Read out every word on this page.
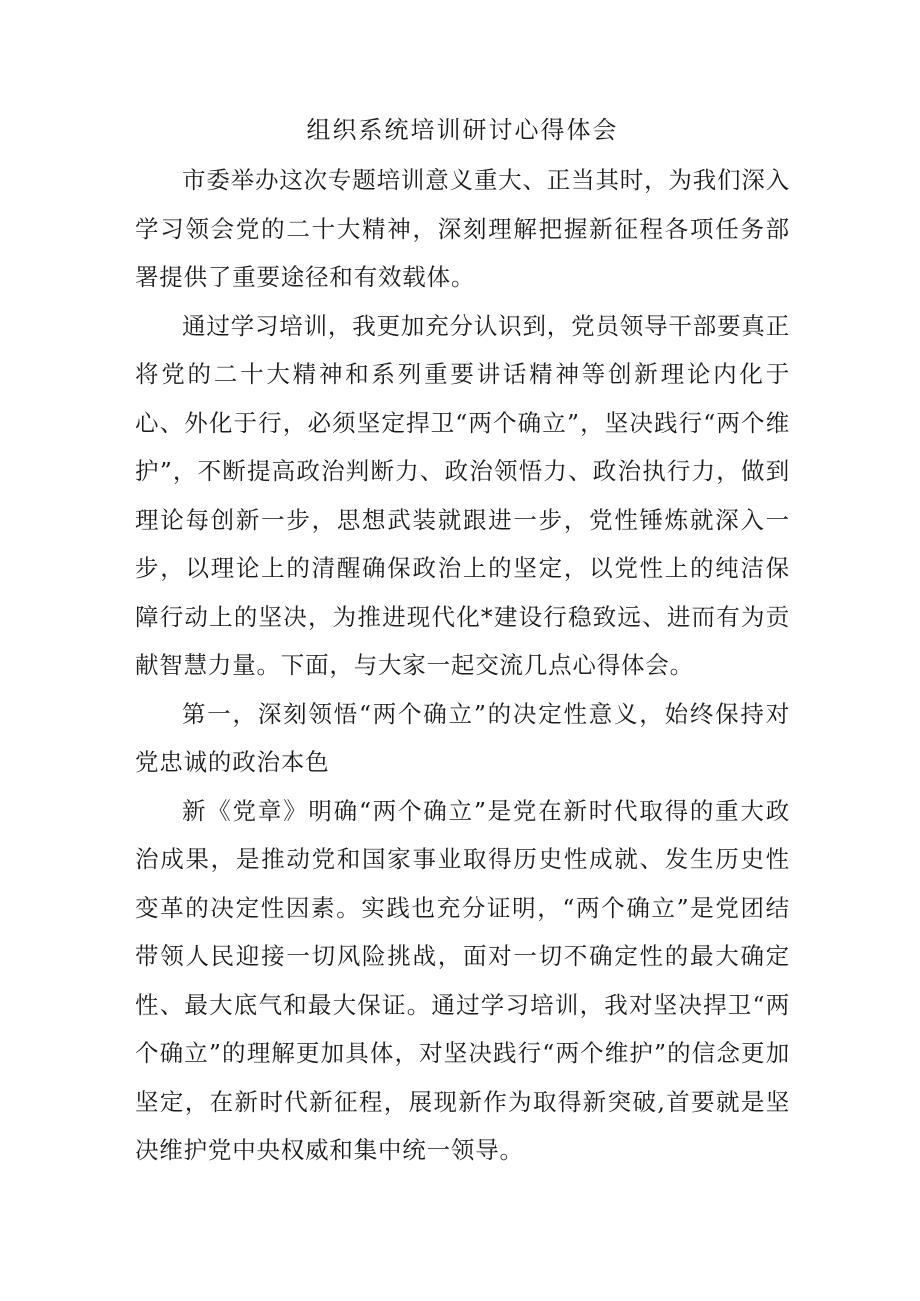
组织系统培训研讨心得体会

市委举办这次专题培训意义重大、正当其时，为我们深入学习领会党的二十大精神，深刻理解把握新征程各项任务部署提供了重要途径和有效载体。

通过学习培训，我更加充分认识到，党员领导干部要真正将党的二十大精神和系列重要讲话精神等创新理论内化于心、外化于行，必须坚定捍卫“两个确立”，坚决践行“两个维护”，不断提高政治判断力、政治领悟力、政治执行力，做到理论每创新一步，思想武装就跟进一步，党性锤炼就深入一步，以理论上的清醒确保政治上的坚定，以党性上的纯洁保障行动上的坚决，为推进现代化*建设行稳致远、进而有为贡献智慧力量。下面，与大家一起交流几点心得体会。

第一，深刻领悟“两个确立”的决定性意义，始终保持对党忠诚的政治本色

新《党章》明确“两个确立”是党在新时代取得的重大政治成果，是推动党和国家事业取得历史性成就、发生历史性变革的决定性因素。实践也充分证明，“两个确立”是党团结带领人民迎接一切风险挑战，面对一切不确定性的最大确定性、最大底气和最大保证。通过学习培训，我对坚决捍卫“两个确立”的理解更加具体，对坚决践行“两个维护”的信念更加坚定，在新时代新征程，展现新作为取得新突破,首要就是坚决维护党中央权威和集中统一领导。
